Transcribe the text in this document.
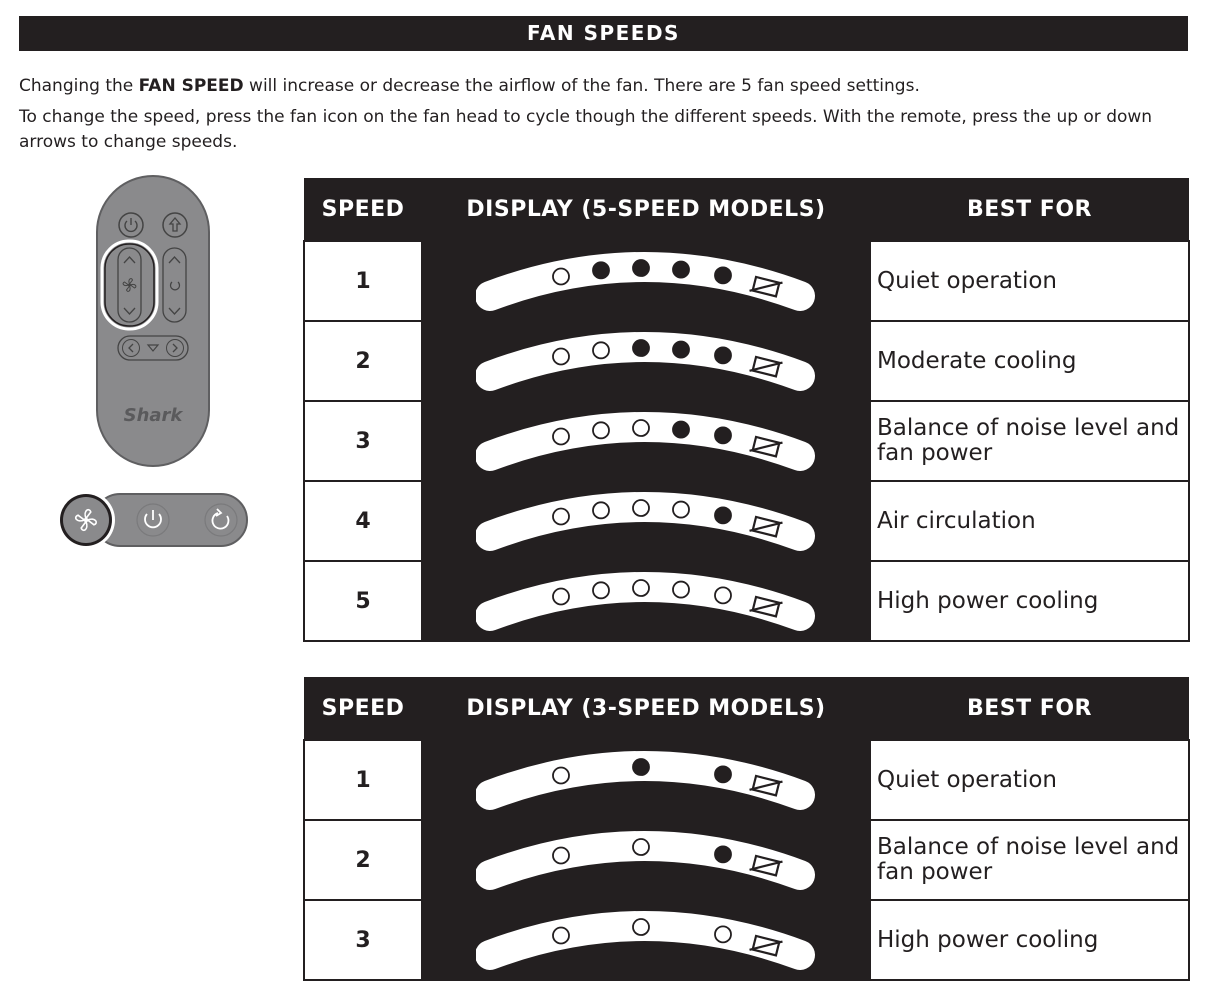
FAN SPEEDS

Changing the FAN SPEED will increase or decrease the airflow of the fan. There are 5 fan speed settings.

To change the speed, press the fan icon on the fan head to cycle though the different speeds. With the remote, press the up or down arrows to change speeds.

Shark
SPEED	DISPLAY (5-SPEED MODELS)	BEST FOR
1		Quiet operation
2		Moderate cooling
3		Balance of noise level and fan power
4		Air circulation
5		High power cooling
SPEED	DISPLAY (3-SPEED MODELS)	BEST FOR
1		Quiet operation
2		Balance of noise level and fan power
3		High power cooling
